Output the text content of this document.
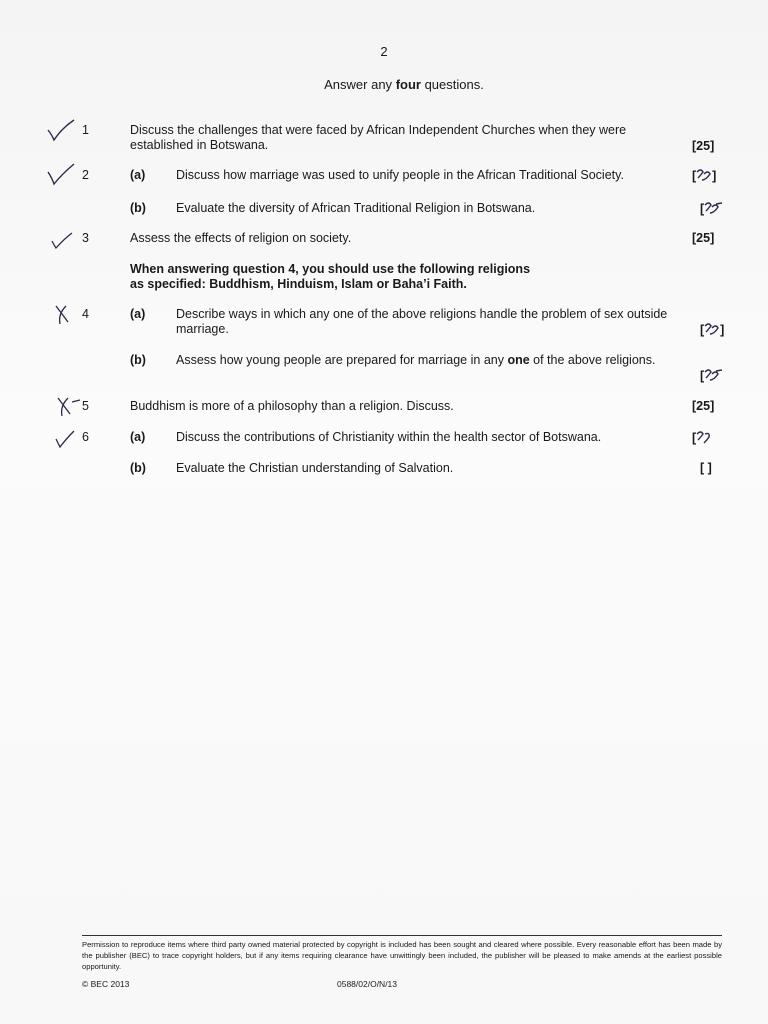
2
Answer any four questions.
1	Discuss the challenges that were faced by African Independent Churches when they were established in Botswana.	[25]
2	(a) Discuss how marriage was used to unify people in the African Traditional Society.	[ ]
(b) Evaluate the diversity of African Traditional Religion in Botswana.	[
3	Assess the effects of religion on society.	[25]
When answering question 4, you should use the following religions
as specified: Buddhism, Hinduism, Islam or Baha’i Faith.
4	(a) Describe ways in which any one of the above religions handle the problem of sex outside marriage.	[ ]
(b) Assess how young people are prepared for marriage in any one of the above religions.
[
5	Buddhism is more of a philosophy than a religion. Discuss.	[25]
6	(a) Discuss the contributions of Christianity within the health sector of Botswana.	[
(b) Evaluate the Christian understanding of Salvation.	[ ]
Permission to reproduce items where third party owned material protected by copyright is included has been sought and cleared where possible. Every reasonable effort has been made by the publisher (BEC) to trace copyright holders, but if any items requiring clearance have unwittingly been included, the publisher will be pleased to make amends at the earliest possible opportunity.
© BEC 2013	0588/02/O/N/13
